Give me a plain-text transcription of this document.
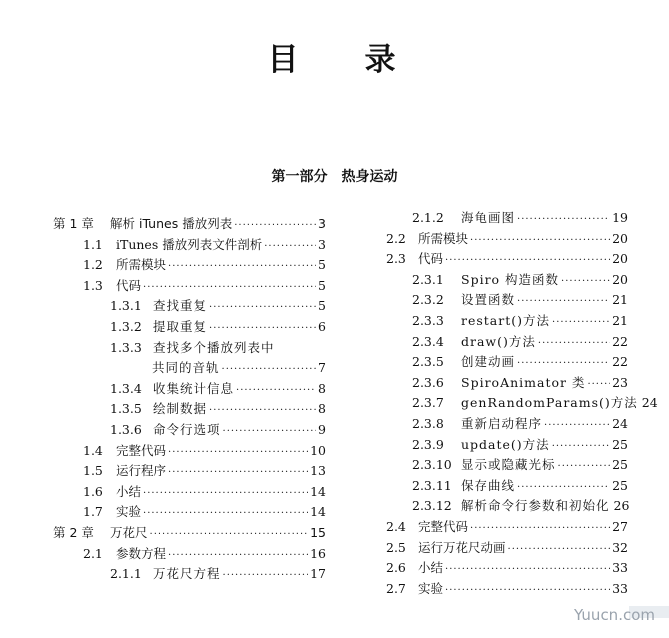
目 录
第一部分 热身运动
第 1 章	解析 iTunes 播放列表 ·····	3
1.1	iTunes 播放列表文件剖析 ·····	3
1.2	所需模块 ·····	5
1.3	代码 ·····	5
1.3.1 查找重复 ·····	5
1.3.2 提取重复 ·····	6
1.3.3 查找多个播放列表中
共同的音轨 ·····	7
1.3.4 收集统计信息 ·····	8
1.3.5 绘制数据 ·····	8
1.3.6 命令行选项 ·····	9
1.4	完整代码 ·····	10
1.5	运行程序 ·····	13
1.6	小结 ·····	14
1.7	实验 ·····	14
第 2 章	万花尺 ·····	15
2.1	参数方程 ·····	16
2.1.1 万花尺方程 ·····	17
2.1.2	海龟画图 ·····	19
2.2 所需模块 ·····	20
2.3 代码 ·····	20
2.3.1	Spiro 构造函数 ·····	20
2.3.2	设置函数 ·····	21
2.3.3	restart()方法 ·····	21
2.3.4	draw()方法 ·····	22
2.3.5	创建动画 ·····	22
2.3.6	SpiroAnimator 类 ····· 23
2.3.7	genRandomParams()方法 24
2.3.8	重新启动程序 ·····	24
2.3.9	update()方法 ·····	25
2.3.10 显示或隐藏光标 ·····	25
2.3.11 保存曲线 ·····	25
2.3.12 解析命令行参数和初始化 26
2.4 完整代码 ·····	27
2.5 运行万花尺动画 ·····	32
2.6 小结 ·····	33
2.7 实验 ·····	33
Yuucn.com
